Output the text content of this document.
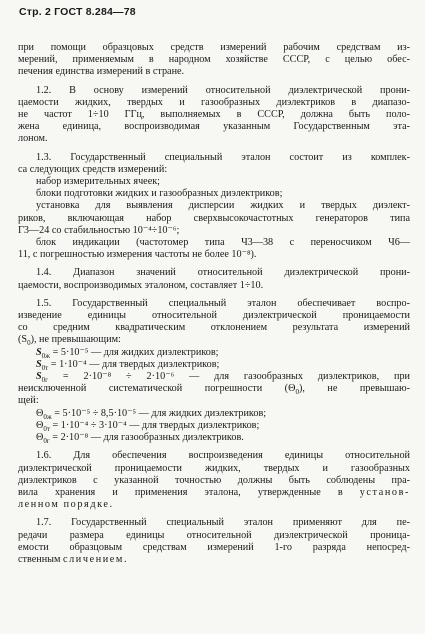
Стр. 2 ГОСТ 8.284—78
при помощи образцовых средств измерений рабочим средствам из-
мерений, применяемым в народном хозяйстве СССР, с целью обес-
печения единства измерений в стране.
1.2. В основу измерений относительной диэлектрической прони-
цаемости жидких, твердых и газообразных диэлектриков в диапазо-
не частот 1÷10 ГГц, выполняемых в СССР, должна быть поло-
жена единица, воспроизводимая указанным Государственным эта-
лоном.
1.3. Государственный специальный эталон состоит из комплек-
са следующих средств измерений:
набор измерительных ячеек;
блоки подготовки жидких и газообразных диэлектриков;
установка для выявления дисперсии жидких и твердых диэлект-
риков, включающая набор сверхвысокочастотных генераторов типа
Г3—24 со стабильностью 10⁻⁴÷10⁻⁶;
блок индикации (частотомер типа Ч3—38 с переносчиком Ч6—
11, с погрешностью измерения частоты не более 10⁻⁸).
1.4. Диапазон значений относительной диэлектрической прони-
цаемости, воспроизводимых эталоном, составляет 1÷10.
1.5. Государственный специальный эталон обеспечивает воспро-
изведение единицы относительной диэлектрической проницаемости
со средним квадратическим отклонением результата измерений
$(S_0)$, не превышающим:
$S_{0ж} = 5\cdot 10^{-5}$ — для жидких диэлектриков;
$S_{0т} = 1\cdot 10^{-4}$ — для твердых диэлектриков;
$S_{0г} = 2\cdot 10^{-8} \div 2\cdot 10^{-6}$ — для газообразных диэлектриков, при
неисключенной систематической погрешности $(\Theta_0)$, не превышаю-
щей:
$\Theta_{0ж} = 5\cdot 10^{-5} \div 8,5\cdot 10^{-5}$ — для жидких диэлектриков;
$\Theta_{0т} = 1\cdot 10^{-4} \div 3\cdot 10^{-4}$ — для твердых диэлектриков;
$\Theta_{0г} = 2\cdot 10^{-8}$ — для газообразных диэлектриков.
1.6. Для обеспечения воспроизведения единицы относительной
диэлектрической проницаемости жидких, твердых и газообразных
диэлектриков с указанной точностью должны быть соблюдены пра-
вила хранения и применения эталона, утвержденные в установ-
ленном порядке.
1.7. Государственный специальный эталон применяют для пе-
редачи размера единицы относительной диэлектрической проница-
емости образцовым средствам измерений 1-го разряда непосред-
ственным сличением.
